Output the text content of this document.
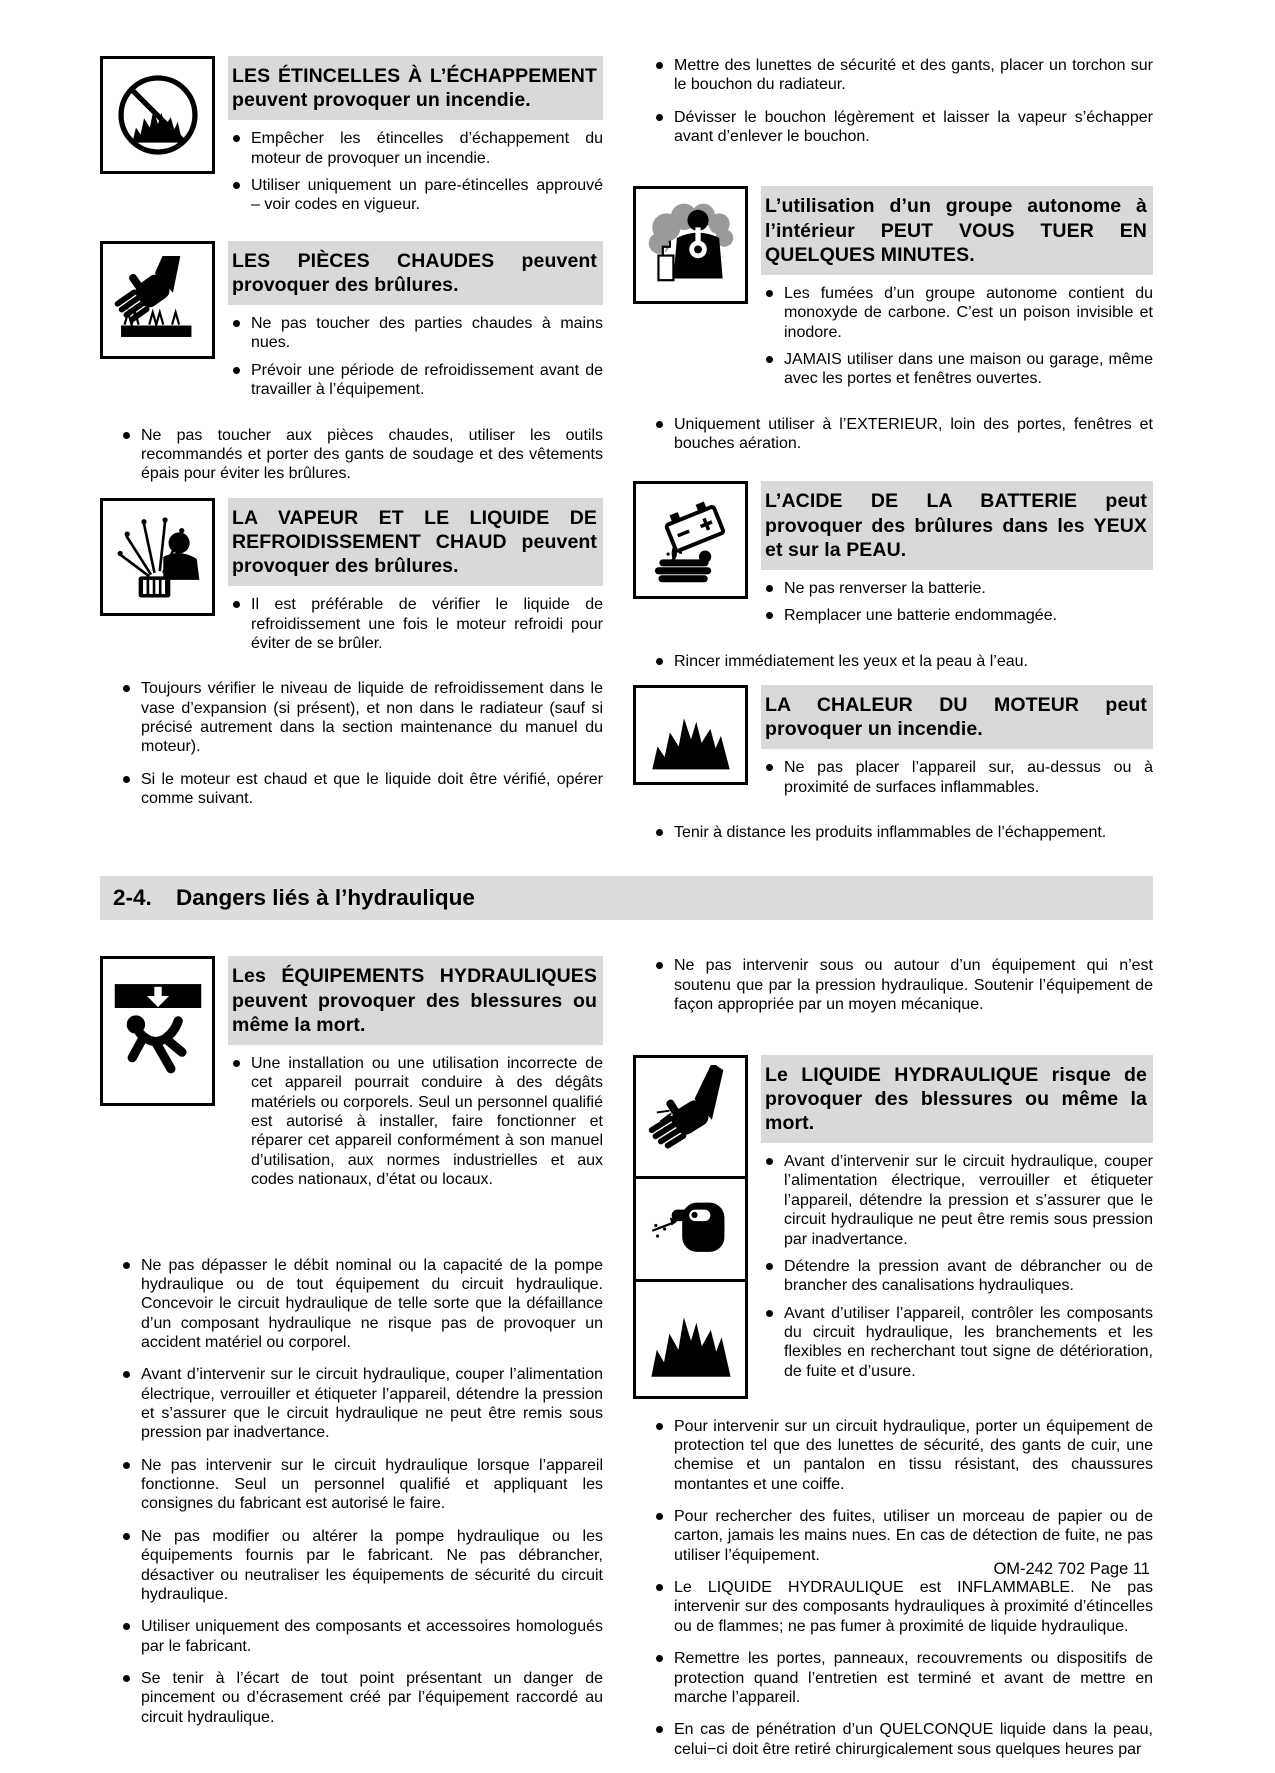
LES ÉTINCELLES À L’ÉCHAPPEMENT peuvent provoquer un incendie.
Empêcher les étincelles d’échappement du moteur de provoquer un incendie.
Utiliser uniquement un pare-étincelles approuvé – voir codes en vigueur.
LES PIÈCES CHAUDES peuvent provoquer des brûlures.
Ne pas toucher des parties chaudes à mains nues.
Prévoir une période de refroidissement avant de travailler à l’équipement.
Ne pas toucher aux pièces chaudes, utiliser les outils recommandés et porter des gants de soudage et des vêtements épais pour éviter les brûlures.
LA VAPEUR ET LE LIQUIDE DE REFROIDISSEMENT CHAUD peuvent provoquer des brûlures.
Il est préférable de vérifier le liquide de refroidissement une fois le moteur refroidi pour éviter de se brûler.
Toujours vérifier le niveau de liquide de refroidissement dans le vase d’expansion (si présent), et non dans le radiateur (sauf si précisé autrement dans la section maintenance du manuel du moteur).
Si le moteur est chaud et que le liquide doit être vérifié, opérer comme suivant.
Mettre des lunettes de sécurité et des gants, placer un torchon sur le bouchon du radiateur.
Dévisser le bouchon légèrement et laisser la vapeur s’échapper avant d’enlever le bouchon.
L’utilisation d’un groupe autonome à l’intérieur PEUT VOUS TUER EN QUELQUES MINUTES.
Les fumées d’un groupe autonome contient du monoxyde de carbone. C’est un poison invisible et inodore.
JAMAIS utiliser dans une maison ou garage, même avec les portes et fenêtres ouvertes.
Uniquement utiliser à l’EXTERIEUR, loin des portes, fenêtres et bouches aération.
L’ACIDE DE LA BATTERIE peut provoquer des brûlures dans les YEUX et sur la PEAU.
Ne pas renverser la batterie.
Remplacer une batterie endommagée.
Rincer immédiatement les yeux et la peau à l’eau.
LA CHALEUR DU MOTEUR peut provoquer un incendie.
Ne pas placer l’appareil sur, au-dessus ou à proximité de surfaces inflammables.
Tenir à distance les produits inflammables de l’échappement.
2-4.	Dangers liés à l’hydraulique
Les ÉQUIPEMENTS HYDRAULIQUES peuvent provoquer des blessures ou même la mort.
Une installation ou une utilisation incorrecte de cet appareil pourrait conduire à des dégâts matériels ou corporels. Seul un personnel qualifié est autorisé à installer, faire fonctionner et réparer cet appareil conformément à son manuel d’utilisation, aux normes industrielles et aux codes nationaux, d’état ou locaux.
Ne pas dépasser le débit nominal ou la capacité de la pompe hydraulique ou de tout équipement du circuit hydraulique. Concevoir le circuit hydraulique de telle sorte que la défaillance d’un composant hydraulique ne risque pas de provoquer un accident matériel ou corporel.
Avant d’intervenir sur le circuit hydraulique, couper l’alimentation électrique, verrouiller et étiqueter l’appareil, détendre la pression et s’assurer que le circuit hydraulique ne peut être remis sous pression par inadvertance.
Ne pas intervenir sur le circuit hydraulique lorsque l’appareil fonctionne. Seul un personnel qualifié et appliquant les consignes du fabricant est autorisé le faire.
Ne pas modifier ou altérer la pompe hydraulique ou les équipements fournis par le fabricant. Ne pas débrancher, désactiver ou neutraliser les équipements de sécurité du circuit hydraulique.
Utiliser uniquement des composants et accessoires homologués par le fabricant.
Se tenir à l’écart de tout point présentant un danger de pincement ou d’écrasement créé par l’équipement raccordé au circuit hydraulique.
Ne pas intervenir sous ou autour d’un équipement qui n’est soutenu que par la pression hydraulique. Soutenir l’équipement de façon appropriée par un moyen mécanique.
Le LIQUIDE HYDRAULIQUE risque de provoquer des blessures ou même la mort.
Avant d’intervenir sur le circuit hydraulique, couper l’alimentation électrique, verrouiller et étiqueter l’appareil, détendre la pression et s’assurer que le circuit hydraulique ne peut être remis sous pression par inadvertance.
Détendre la pression avant de débrancher ou de brancher des canalisations hydrauliques.
Avant d’utiliser l’appareil, contrôler les composants du circuit hydraulique, les branchements et les flexibles en recherchant tout signe de détérioration, de fuite et d’usure.
Pour intervenir sur un circuit hydraulique, porter un équipement de protection tel que des lunettes de sécurité, des gants de cuir, une chemise et un pantalon en tissu résistant, des chaussures montantes et une coiffe.
Pour rechercher des fuites, utiliser un morceau de papier ou de carton, jamais les mains nues. En cas de détection de fuite, ne pas utiliser l’équipement.
Le LIQUIDE HYDRAULIQUE est INFLAMMABLE. Ne pas intervenir sur des composants hydrauliques à proximité d’étincelles ou de flammes; ne pas fumer à proximité de liquide hydraulique.
Remettre les portes, panneaux, recouvrements ou dispositifs de protection quand l’entretien est terminé et avant de mettre en marche l’appareil.
En cas de pénétration d’un QUELCONQUE liquide dans la peau, celui−ci doit être retiré chirurgicalement sous quelques heures par
OM-242 702 Page 11
